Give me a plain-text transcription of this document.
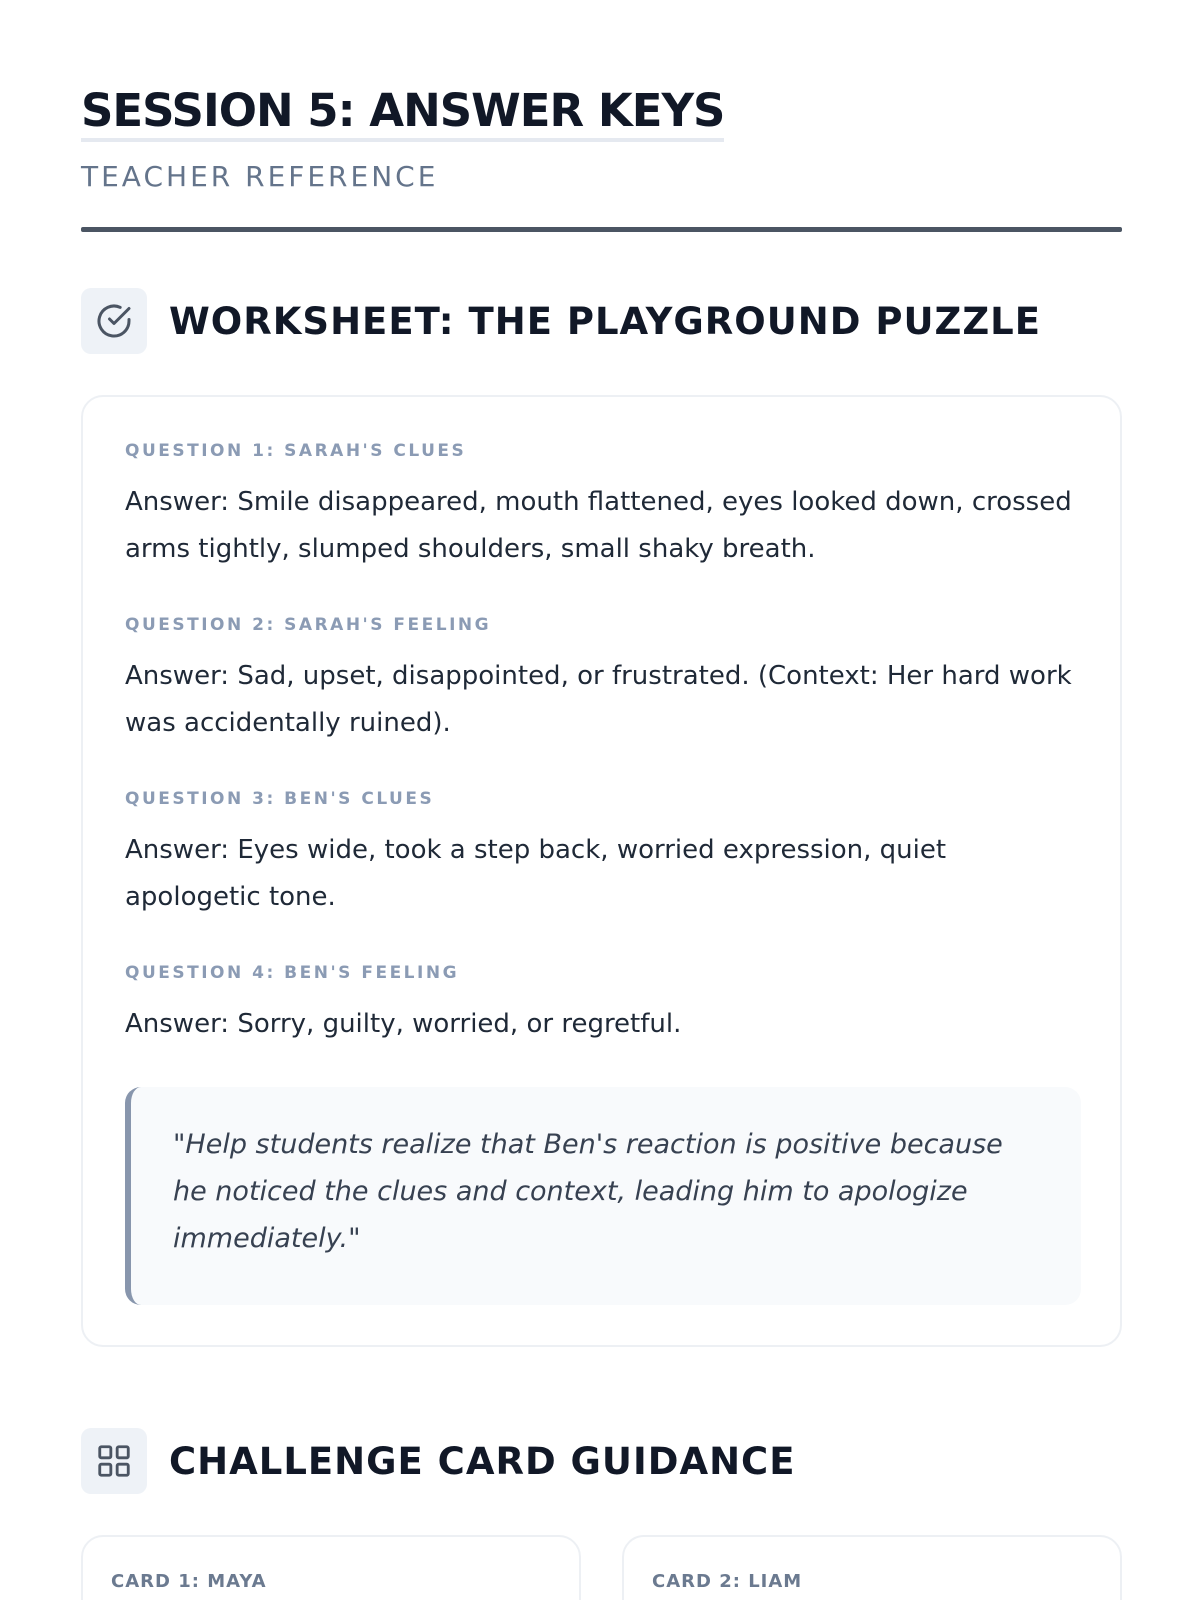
SESSION 5: ANSWER KEYS
TEACHER REFERENCE
WORKSHEET: THE PLAYGROUND PUZZLE
QUESTION 1: SARAH'S CLUES
Answer: Smile disappeared, mouth flattened, eyes looked down, crossed arms tightly, slumped shoulders, small shaky breath.
QUESTION 2: SARAH'S FEELING
Answer: Sad, upset, disappointed, or frustrated. (Context: Her hard work was accidentally ruined).
QUESTION 3: BEN'S CLUES
Answer: Eyes wide, took a step back, worried expression, quiet apologetic tone.
QUESTION 4: BEN'S FEELING
Answer: Sorry, guilty, worried, or regretful.

"Help students realize that Ben's reaction is positive because he noticed the clues and context, leading him to apologize immediately."

CHALLENGE CARD GUIDANCE
CARD 1: MAYA	CARD 2: LIAM
